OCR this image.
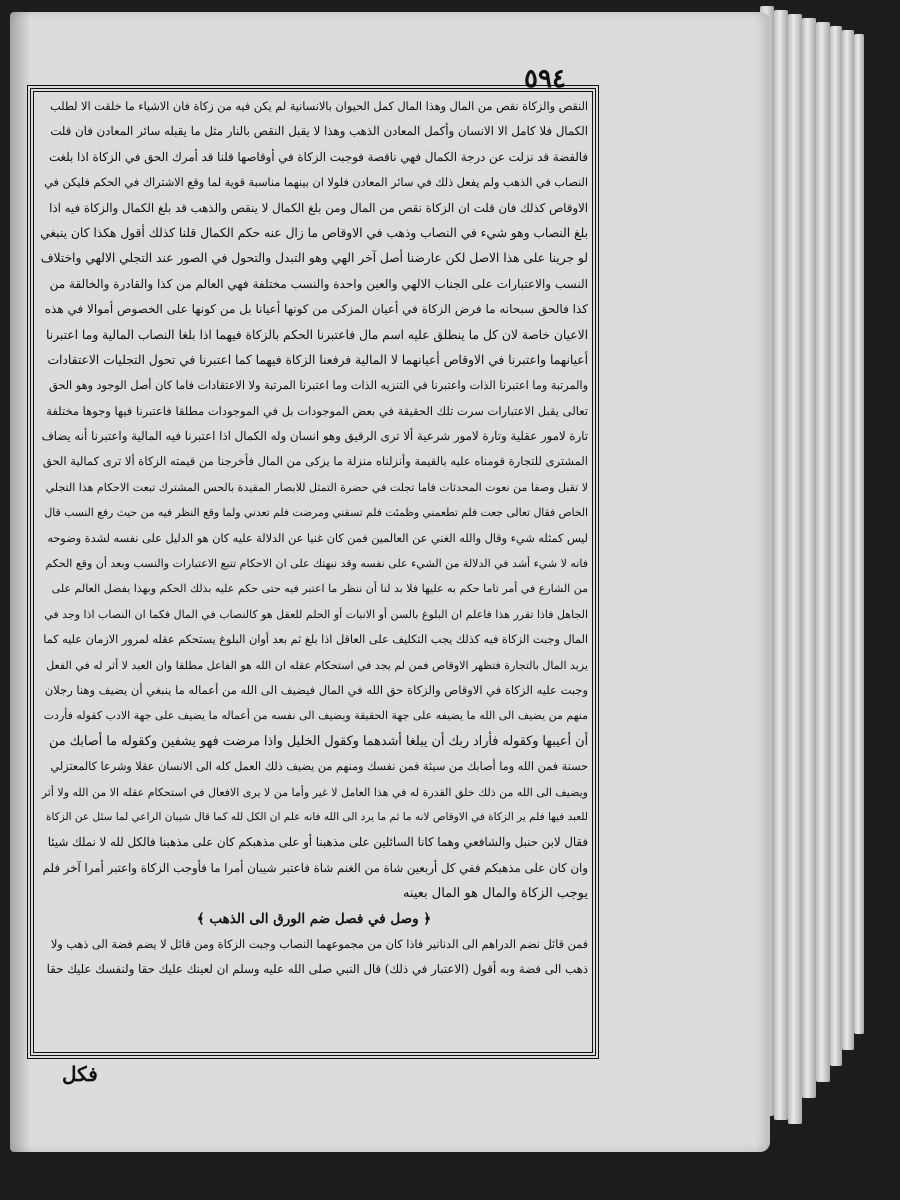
٥٩٤
النقص والزكاة نقص من المال وهذا المال كمل الحيوان بالانسانية لم يكن فيه من زكاة فان الاشياء ما خلقت الا لطلب
الكمال فلا كامل الا الانسان وأكمل المعادن الذهب وهذا لا يقبل النقص بالنار مثل ما يقبله سائر المعادن فان قلت
فالفضة قد نزلت عن درجة الكمال فهي ناقصة فوجبت الزكاة في أوقاصها قلنا قد أمرك الحق في الزكاة اذا بلغت
النصاب في الذهب ولم يفعل ذلك في سائر المعادن فلولا ان بينهما مناسبة قوية لما وقع الاشتراك في الحكم فليكن في
الاوقاص كذلك فان قلت ان الزكاة نقص من المال ومن بلغ الكمال لا ينقص والذهب قد بلغ الكمال والزكاة فيه اذا
بلغ النصاب وهو شيء في النصاب وذهب في الاوقاص ما زال عنه حكم الكمال قلنا كذلك أقول هكذا كان ينبغي
لو جرينا على هذا الاصل لكن عارضنا أصل آخر الهي وهو التبدل والتحول في الصور عند التجلي الالهي واختلاف
النسب والاعتبارات على الجناب الالهي والعين واحدة والنسب مختلفة فهي العالم من كذا والقادرة والخالقة من
كذا فالحق سبحانه ما فرض الزكاة في أعيان المزكى من كونها أعيانا بل من كونها على الخصوص أموالا في هذه
الاعيان خاصة لان كل ما ينطلق عليه اسم مال فاعتبرنا الحكم بالزكاة فيهما اذا بلغا النصاب المالية وما اعتبرنا
أعيانهما واعتبرنا في الاوقاص أعيانهما لا المالية فرفعنا الزكاة فيهما كما اعتبرنا في تحول التجليات الاعتقادات
والمرتبة وما اعتبرنا الذات واعتبرنا في التنزيه الذات وما اعتبرنا المرتبة ولا الاعتقادات فاما كان أصل الوجود وهو الحق
تعالى يقبل الاعتبارات سرت تلك الحقيقة في بعض الموجودات بل في الموجودات مطلقا فاعتبرنا فيها وجوها مختلفة
تارة لامور عقلية وتارة لامور شرعية ألا ترى الرقيق وهو انسان وله الكمال اذا اعتبرنا فيه المالية واعتبرنا أنه يضاف
المشترى للتجارة قومناه عليه بالقيمة وأنزلناه منزلة ما يزكى من المال فأخرجنا من قيمته الزكاة ألا ترى كمالية الحق
لا تقبل وصفا من نعوت المحدثات فاما تجلت في حضرة التمثل للابصار المقيدة بالحس المشترك تبعت الاحكام هذا التجلي
الخاص فقال تعالى جعت فلم تطعمني وظمئت فلم تسقني ومرضت فلم تعدني ولما وقع النظر فيه من حيث رفع النسب قال
ليس كمثله شيء وقال والله الغني عن العالمين فمن كان غنيا عن الدلالة عليه كان هو الدليل على نفسه لشدة وضوحه
فانه لا شيء أشد في الدلالة من الشيء على نفسه وقد نبهتك على ان الاحكام تتبع الاعتبارات والنسب وبعد أن وقع الحكم
من الشارع في أمر تاما حكم به عليها فلا بد لنا أن ننظر ما اعتبر فيه حتى حكم عليه بذلك الحكم وبهذا يفضل العالم على
الجاهل فاذا تقرر هذا فاعلم ان البلوغ بالسن أو الانبات أو الحلم للعقل هو كالنصاب في المال فكما ان النصاب اذا وجد في
المال وجبت الزكاة فيه كذلك يجب التكليف على العاقل اذا بلغ ثم بعد أوان البلوغ يستحكم عقله لمرور الازمان عليه كما
يزيد المال بالتجارة فتظهر الاوقاص فمن لم يجد في استحكام عقله ان الله هو الفاعل مطلقا وان العبد لا أثر له في الفعل
وجبت عليه الزكاة في الاوقاص والزكاة حق الله في المال فيضيف الى الله من أعماله ما ينبغي أن يضيف وهنا رجلان
منهم من يضيف الى الله ما يضيفه على جهة الحقيقة ويضيف الى نفسه من أعماله ما يضيف على جهة الادب كقوله فأردت
أن أعيبها وكقوله فأراد ربك أن يبلغا أشدهما وكقول الخليل واذا مرضت فهو يشفين وكقوله ما أصابك من
حسنة فمن الله وما أصابك من سيئة فمن نفسك ومنهم من يضيف ذلك العمل كله الى الانسان عقلا وشرعا كالمعتزلي
ويضيف الى الله من ذلك خلق القدرة له في هذا العامل لا غير وأما من لا يرى الافعال في استحكام عقله الا من الله ولا أثر
للعبد فيها فلم ير الزكاة في الاوقاص لانه ما ثم ما يرد الى الله فانه علم ان الكل لله كما قال شيبان الراعي لما سئل عن الزكاة
فقال لابن حنبل والشافعي وهما كانا السائلين على مذهبنا أو على مذهبكم كان على مذهبنا فالكل لله لا نملك شيئا
وان كان على مذهبكم ففي كل أربعين شاة من الغنم شاة فاعتبر شيبان أمرا ما فأوجب الزكاة واعتبر أمرا آخر فلم
يوجب الزكاة والمال هو المال بعينه
﴿ وصل في فصل ضم الورق الى الذهب ﴾
فمن قائل نضم الدراهم الى الدنانير فاذا كان من مجموعهما النصاب وجبت الزكاة ومن قائل لا يضم فضة الى ذهب ولا
ذهب الى فضة وبه أقول (الاعتبار في ذلك) قال النبي صلى الله عليه وسلم ان لعينك عليك حقا ولنفسك عليك حقا
فكل
